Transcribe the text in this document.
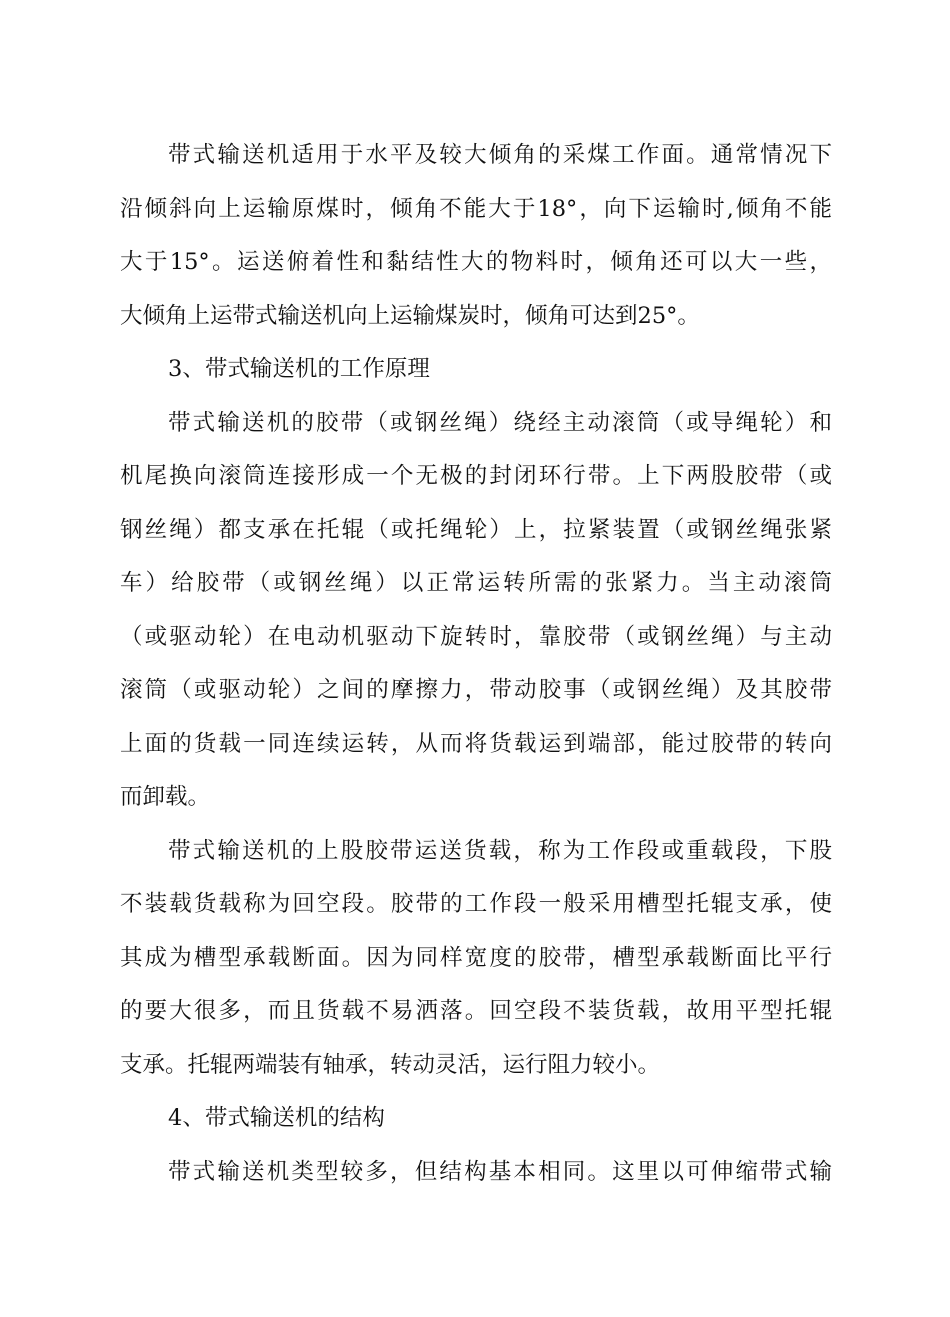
带式输送机适用于水平及较大倾角的采煤工作面。通常情况下
沿倾斜向上运输原煤时，倾角不能大于18°，向下运输时,倾角不能
大于15°。运送俯着性和黏结性大的物料时，倾角还可以大一些，
大倾角上运带式输送机向上运输煤炭时，倾角可达到25°。

3、带式输送机的工作原理

带式输送机的胶带（或钢丝绳）绕经主动滚筒（或导绳轮）和
机尾换向滚筒连接形成一个无极的封闭环行带。上下两股胶带（或
钢丝绳）都支承在托辊（或托绳轮）上，拉紧装置（或钢丝绳张紧
车）给胶带（或钢丝绳）以正常运转所需的张紧力。当主动滚筒
（或驱动轮）在电动机驱动下旋转时，靠胶带（或钢丝绳）与主动
滚筒（或驱动轮）之间的摩擦力，带动胶事（或钢丝绳）及其胶带
上面的货载一同连续运转，从而将货载运到端部，能过胶带的转向
而卸载。

带式输送机的上股胶带运送货载，称为工作段或重载段，下股
不装载货载称为回空段。胶带的工作段一般采用槽型托辊支承，使
其成为槽型承载断面。因为同样宽度的胶带，槽型承载断面比平行
的要大很多，而且货载不易洒落。回空段不装货载，故用平型托辊
支承。托辊两端装有轴承，转动灵活，运行阻力较小。

4、带式输送机的结构

带式输送机类型较多，但结构基本相同。这里以可伸缩带式输
